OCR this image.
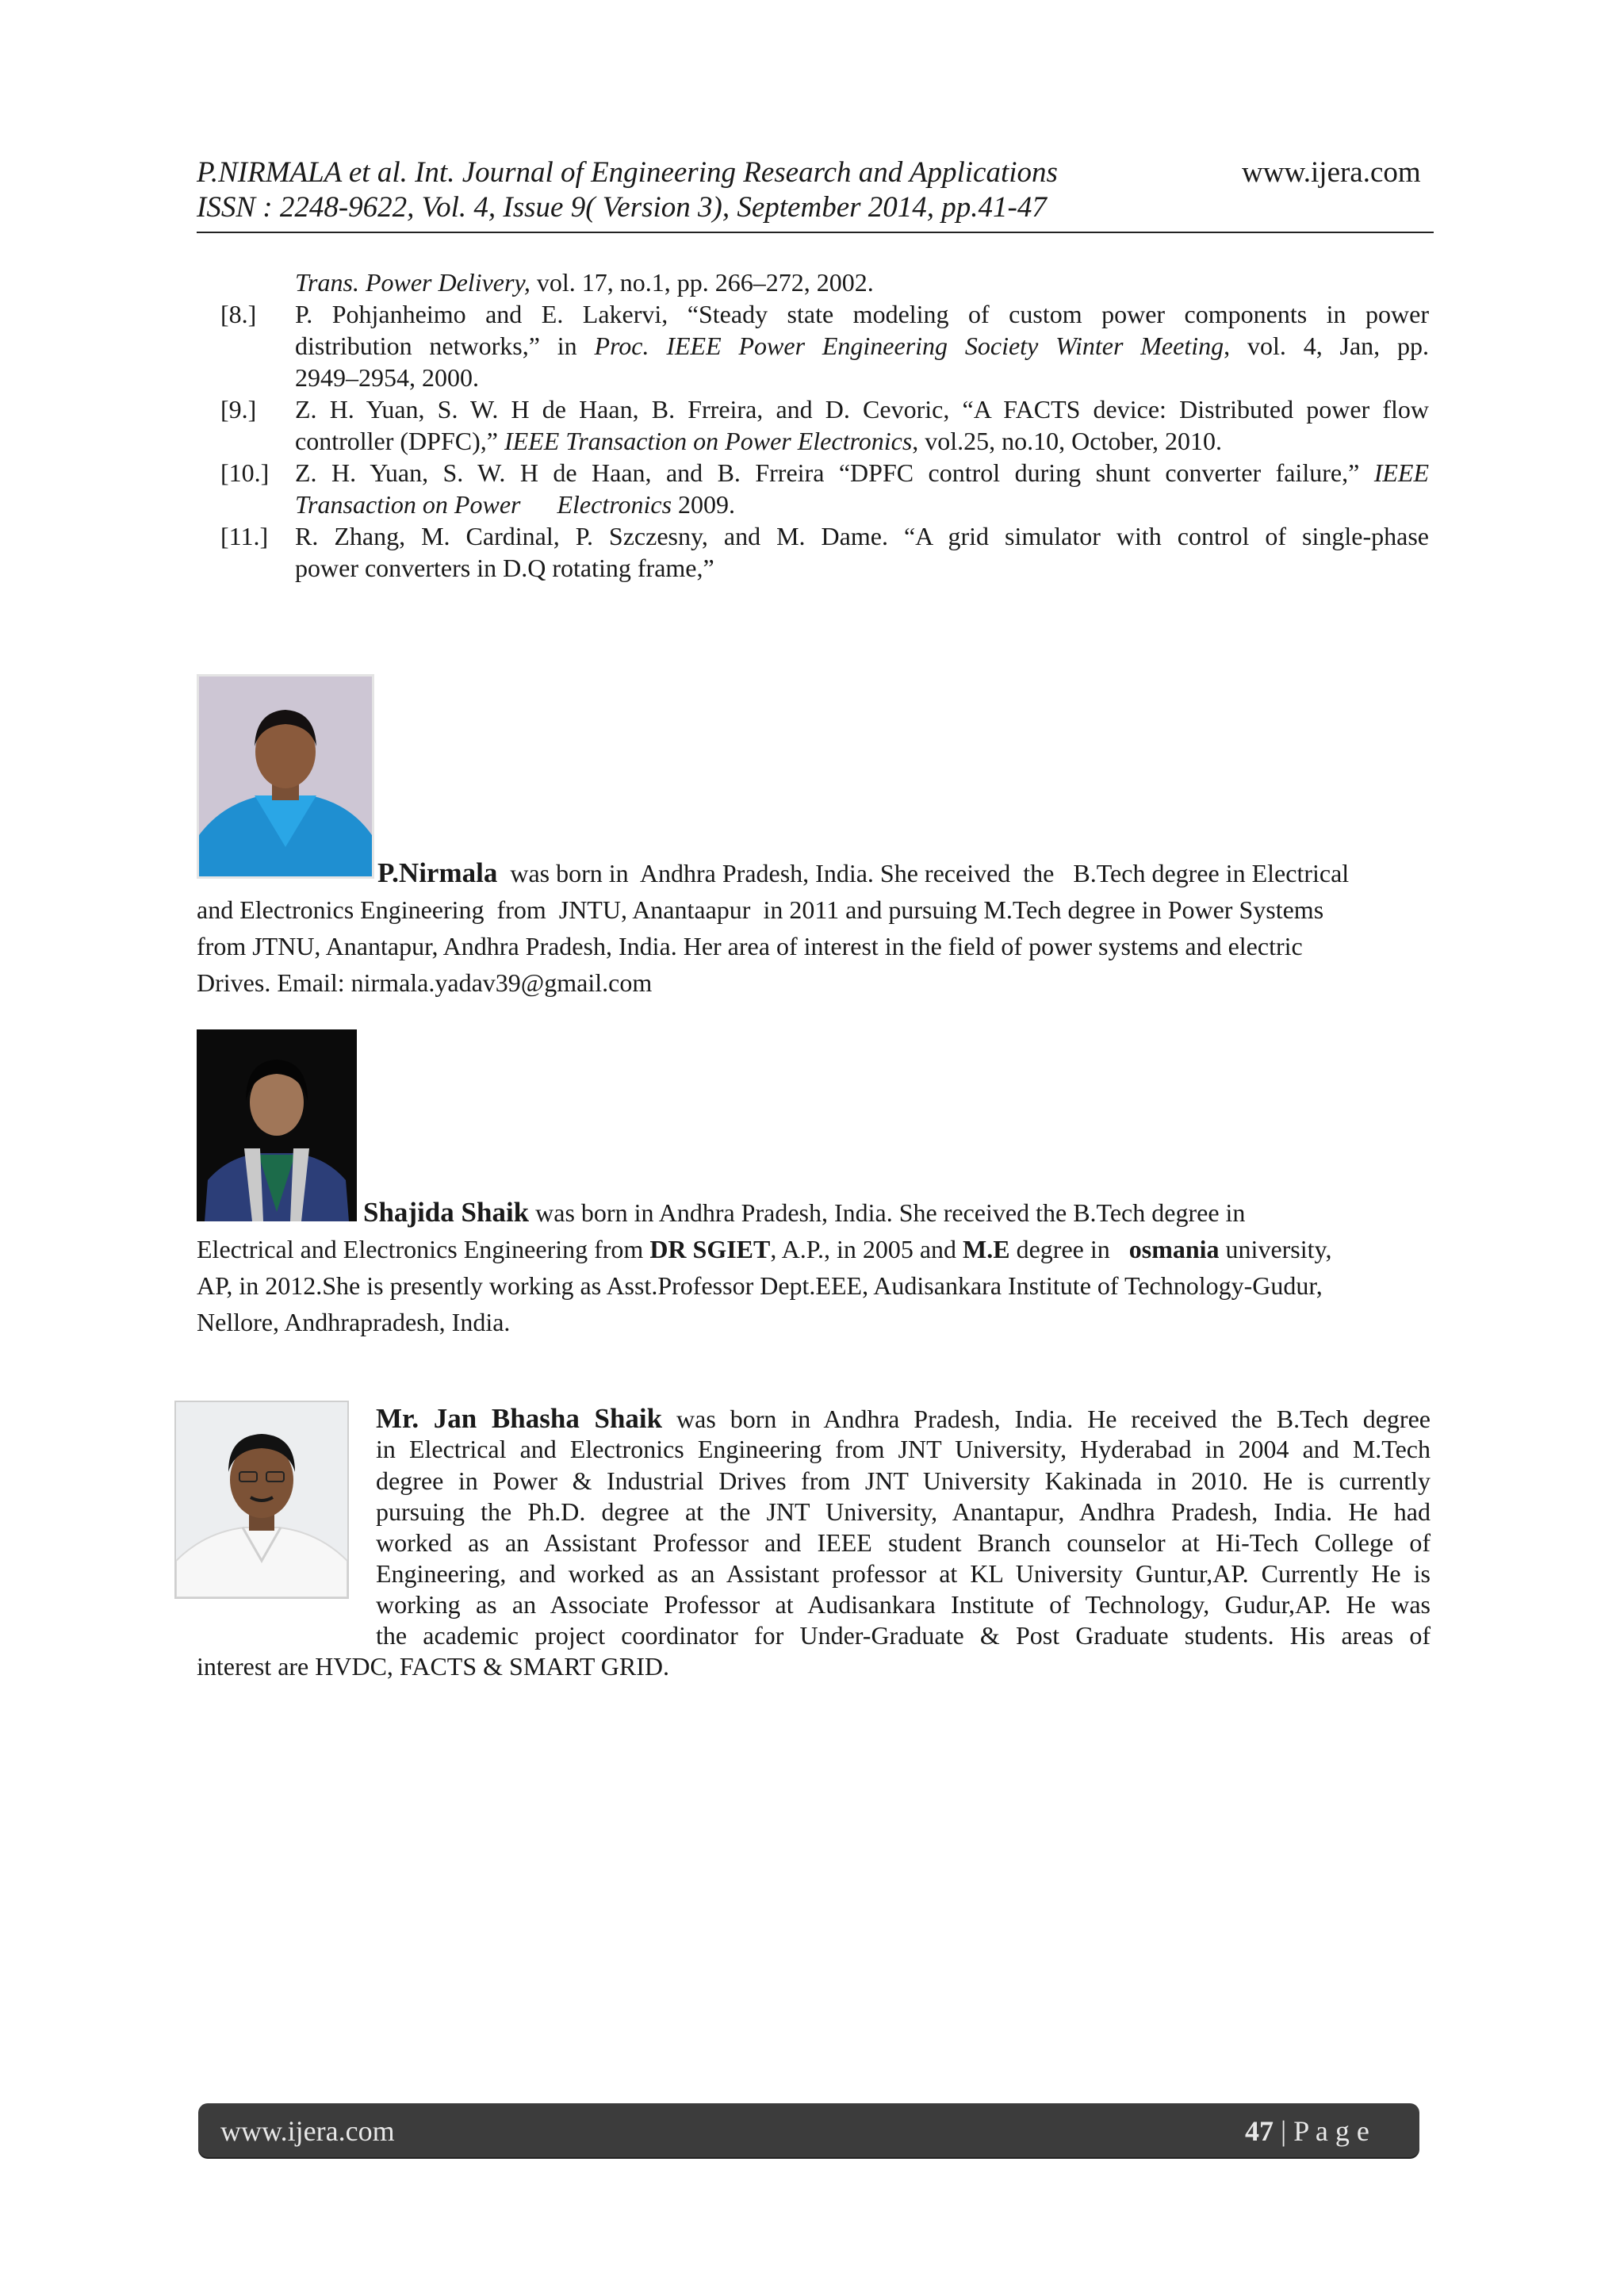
P.NIRMALA et al. Int. Journal of Engineering Research and Applications
ISSN : 2248-9622, Vol. 4, Issue 9( Version 3), September 2014, pp.41-47
www.ijera.com
Trans. Power Delivery, vol. 17, no.1, pp. 266–272, 2002.
[8.] P. Pohjanheimo and E. Lakervi, “Steady state modeling of custom power components in power
distribution networks,” in Proc. IEEE Power Engineering Society Winter Meeting, vol. 4, Jan, pp.
2949–2954, 2000.
[9.] Z. H. Yuan, S. W. H de Haan, B. Frreira, and D. Cevoric, “A FACTS device: Distributed power flow
controller (DPFC),” IEEE Transaction on Power Electronics, vol.25, no.10, October, 2010.
[10.] Z. H. Yuan, S. W. H de Haan, and B. Frreira “DPFC control during shunt converter failure,” IEEE
Transaction on Power Electronics 2009.
[11.] R. Zhang, M. Cardinal, P. Szczesny, and M. Dame. “A grid simulator with control of single-phase
power converters in D.Q rotating frame,”
P.Nirmala  was born in  Andhra Pradesh, India. She received  the   B.Tech degree in Electrical
and Electronics Engineering  from  JNTU, Anantaapur  in 2011 and pursuing M.Tech degree in Power Systems
from JTNU, Anantapur, Andhra Pradesh, India. Her area of interest in the field of power systems and electric
Drives. Email: nirmala.yadav39@gmail.com
Shajida Shaik was born in Andhra Pradesh, India. She received the B.Tech degree in
Electrical and Electronics Engineering from DR SGIET, A.P., in 2005 and M.E degree in   osmania university,
AP, in 2012.She is presently working as Asst.Professor Dept.EEE, Audisankara Institute of Technology-Gudur,
Nellore, Andhrapradesh, India.
Mr. Jan Bhasha Shaik was born in Andhra Pradesh, India. He received the B.Tech degree
in Electrical and Electronics Engineering from JNT University, Hyderabad in 2004 and M.Tech
degree in Power & Industrial Drives from JNT University Kakinada in 2010. He is currently
pursuing the Ph.D. degree at the JNT University, Anantapur, Andhra Pradesh, India. He had
worked as an Assistant Professor and IEEE student Branch counselor at Hi-Tech College of
Engineering, and worked as an Assistant professor at KL University Guntur,AP. Currently He is
working as an Associate Professor at Audisankara Institute of Technology, Gudur,AP. He was
the academic project coordinator for Under-Graduate & Post Graduate students. His areas of
interest are HVDC, FACTS & SMART GRID.
www.ijera.com	47 | P a g e
